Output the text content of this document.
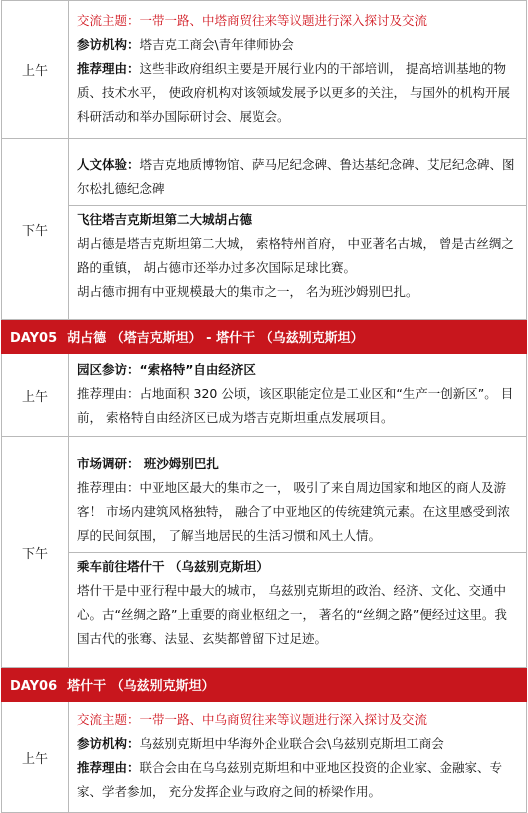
上午	交流主题：一带一路、中塔商贸往来等议题进行深入探讨及交流
参访机构：塔吉克工商会\青年律师协会
推荐理由：这些非政府组织主要是开展行业内的干部培训， 提高培训基地的物质、技术水平， 使政府机构对该领域发展予以更多的关注， 与国外的机构开展科研活动和举办国际研讨会、展览会。

下午	人文体验：塔吉克地质博物馆、萨马尼纪念碑、鲁达基纪念碑、艾尼纪念碑、图尔松扎德纪念碑
飞往塔吉克斯坦第二大城胡占德
胡占德是塔吉克斯坦第二大城， 索格特州首府， 中亚著名古城， 曾是古丝绸之路的重镇， 胡占德市还举办过多次国际足球比赛。
胡占德市拥有中亚规模最大的集市之一， 名为班沙姆别巴扎。

DAY05 胡占德 （塔吉克斯坦） - 塔什干 （乌兹别克斯坦）	
上午	园区参访：“索格特”自由经济区
推荐理由：占地面积 320 公顷，该区职能定位是工业区和“生产一创新区”。 目前， 索格特自由经济区已成为塔吉克斯坦重点发展项目。

下午	市场调研： 班沙姆别巴扎
推荐理由：中亚地区最大的集市之一， 吸引了来自周边国家和地区的商人及游客！ 市场内建筑风格独特， 融合了中亚地区的传统建筑元素。在这里感受到浓厚的民间氛围， 了解当地居民的生活习惯和风土人情。
乘车前往塔什干 （乌兹别克斯坦）
塔什干是中亚行程中最大的城市， 乌兹别克斯坦的政治、经济、文化、交通中心。古“丝绸之路”上重要的商业枢纽之一， 著名的“丝绸之路”便经过这里。我国古代的张骞、法显、玄奘都曾留下过足迹。

DAY06 塔什干 （乌兹别克斯坦）	
上午	交流主题：一带一路、中乌商贸往来等议题进行深入探讨及交流
参访机构：乌兹别克斯坦中华海外企业联合会\乌兹别克斯坦工商会
推荐理由：联合会由在乌乌兹别克斯坦和中亚地区投资的企业家、金融家、专家、学者参加， 充分发挥企业与政府之间的桥梁作用。
